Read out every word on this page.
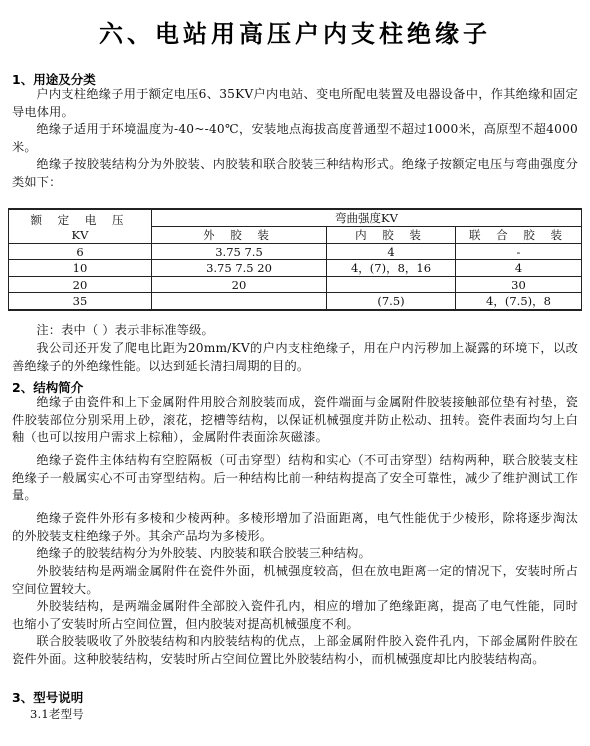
六、电站用高压户内支柱绝缘子
1、用途及分类
户内支柱绝缘子用于额定电压6、35KV户内电站、变电所配电装置及电器设备中，作其绝缘和固定导电体用。
绝缘子适用于环境温度为-40~-40℃，安装地点海拔高度普通型不超过1000米，高原型不超4000米。
绝缘子按胶装结构分为外胶装、内胶装和联合胶装三种结构形式。绝缘子按额定电压与弯曲强度分类如下：
额 定 电 压
KV	弯曲强度KV		
	外 胶 装	内 胶 装	联 合 胶 装
6	3.75 7.5	4	-
10	3.75 7.5 20	4，(7)，8，16	4
20	20		30
35		(7.5)	4，(7.5)，8
注：表中（ ）表示非标准等级。
我公司还开发了爬电比距为20mm/KV的户内支柱绝缘子，用在户内污秽加上凝露的环境下，以改善绝缘子的外绝缘性能。以达到延长清扫周期的目的。
2、结构简介
绝缘子由瓷件和上下金属附件用胶合剂胶装而成，瓷件端面与金属附件胶装接触部位垫有衬垫，瓷件胶装部位分别采用上砂，滚花，挖槽等结构，以保证机械强度并防止松动、扭转。瓷件表面均匀上白釉（也可以按用户需求上棕釉），金属附件表面涂灰磁漆。
绝缘子瓷件主体结构有空腔隔板（可击穿型）结构和实心（不可击穿型）结构两种，联合胶装支柱绝缘子一般属实心不可击穿型结构。后一种结构比前一种结构提高了安全可靠性，减少了维护测试工作量。
绝缘子瓷件外形有多棱和少棱两种。多棱形增加了沿面距离，电气性能优于少棱形，除将逐步淘汰的外胶装支柱绝缘子外。其余产品均为多棱形。
绝缘子的胶装结构分为外胶装、内胶装和联合胶装三种结构。
外胶装结构是两端金属附件在瓷件外面，机械强度较高，但在放电距离一定的情况下，安装时所占空间位置较大。
外胶装结构，是两端金属附件全部胶入瓷件孔内，相应的增加了绝缘距离，提高了电气性能，同时也缩小了安装时所占空间位置，但内胶装对提高机械强度不利。
联合胶装吸收了外胶装结构和内胶装结构的优点，上部金属附件胶入瓷件孔内，下部金属附件胶在瓷件外面。这种胶装结构，安装时所占空间位置比外胶装结构小，而机械强度却比内胶装结构高。
3、型号说明
3.1老型号
